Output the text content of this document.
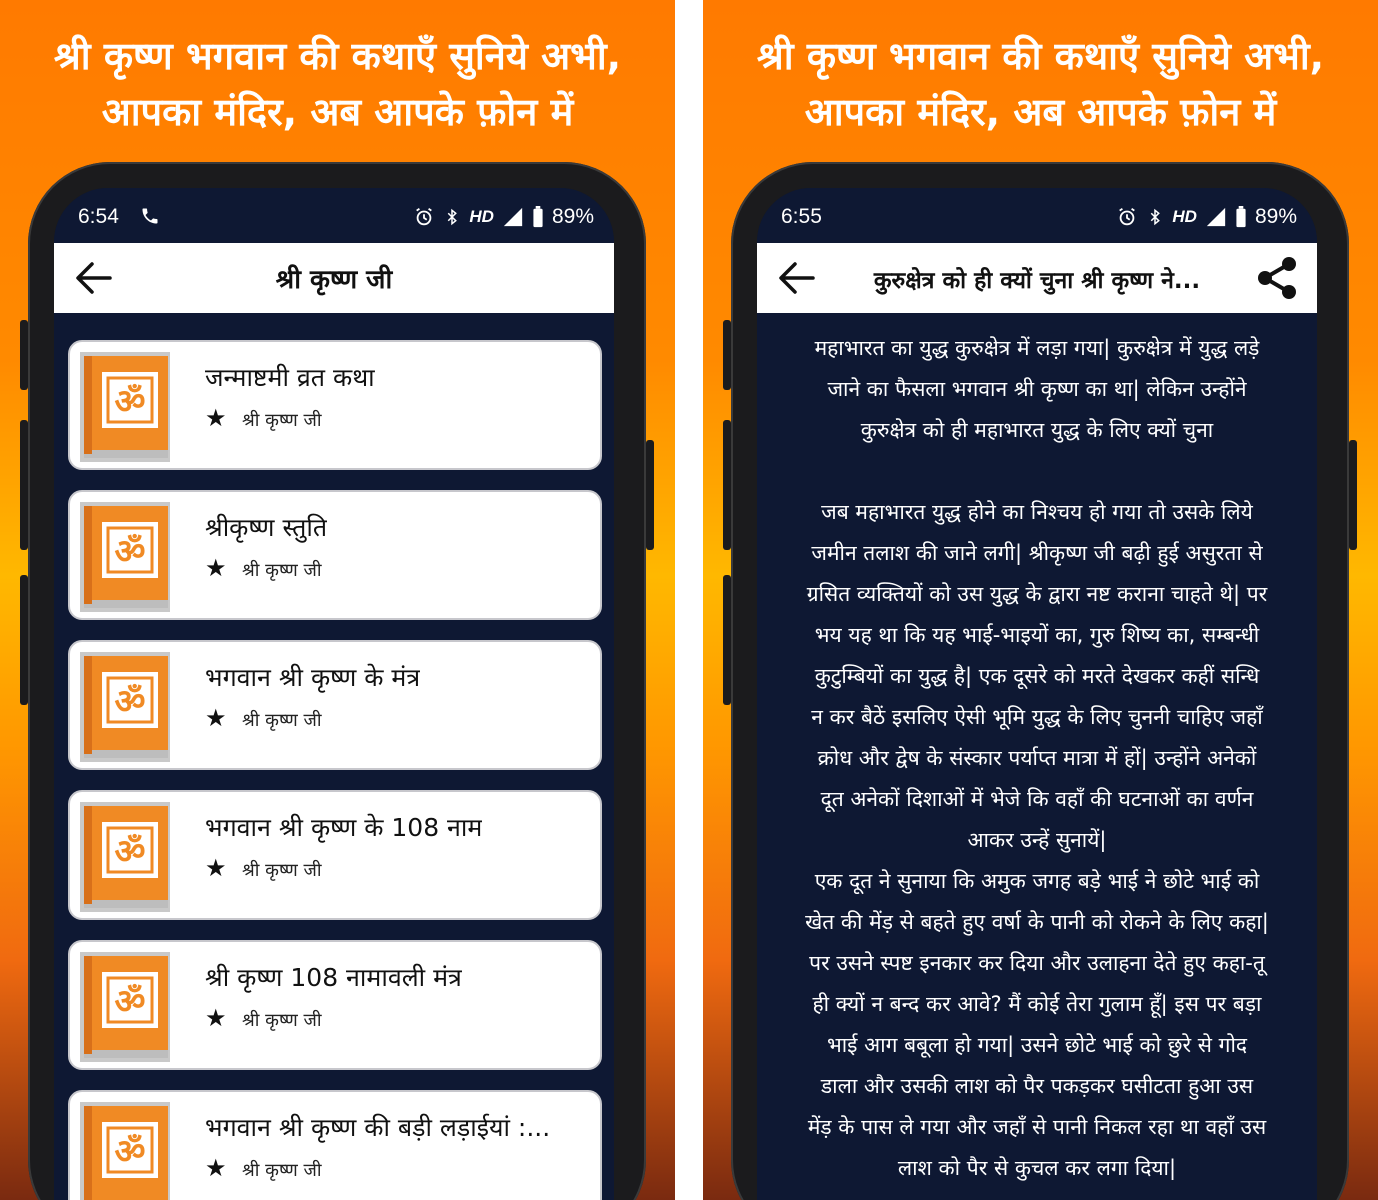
श्री कृष्ण भगवान की कथाएँ सुनिये अभी,
आपका मंदिर, अब आपके फ़ोन में
6:54	HD	89%
श्री कृष्ण जी
ॐ
जन्माष्टमी व्रत कथा
★ श्री कृष्ण जी
ॐ
श्रीकृष्ण स्तुति
★ श्री कृष्ण जी
ॐ
भगवान श्री कृष्ण के मंत्र
★ श्री कृष्ण जी
ॐ
भगवान श्री कृष्ण के 108 नाम
★ श्री कृष्ण जी
ॐ
श्री कृष्ण 108 नामावली मंत्र
★ श्री कृष्ण जी
ॐ
भगवान श्री कृष्ण की बड़ी लड़ाईयां :...
★ श्री कृष्ण जी
श्री कृष्ण भगवान की कथाएँ सुनिये अभी,
आपका मंदिर, अब आपके फ़ोन में
6:55	HD	89%
कुरुक्षेत्र को ही क्यों चुना श्री कृष्ण ने...

महाभारत का युद्ध कुरुक्षेत्र में लड़ा गया| कुरुक्षेत्र में युद्ध लड़े

जाने का फैसला भगवान श्री कृष्ण का था| लेकिन उन्होंने

कुरुक्षेत्र को ही महाभारत युद्ध के लिए क्यों चुना

जब महाभारत युद्ध होने का निश्चय हो गया तो उसके लिये

जमीन तलाश की जाने लगी| श्रीकृष्ण जी बढ़ी हुई असुरता से

ग्रसित व्यक्तियों को उस युद्ध के द्वारा नष्ट कराना चाहते थे| पर

भय यह था कि यह भाई-भाइयों का, गुरु शिष्य का, सम्बन्धी

कुटुम्बियों का युद्ध है| एक दूसरे को मरते देखकर कहीं सन्धि

न कर बैठें इसलिए ऐसी भूमि युद्ध के लिए चुननी चाहिए जहाँ

क्रोध और द्वेष के संस्कार पर्याप्त मात्रा में हों| उन्होंने अनेकों

दूत अनेकों दिशाओं में भेजे कि वहाँ की घटनाओं का वर्णन

आकर उन्हें सुनायें|

एक दूत ने सुनाया कि अमुक जगह बड़े भाई ने छोटे भाई को

खेत की मेंड़ से बहते हुए वर्षा के पानी को रोकने के लिए कहा|

पर उसने स्पष्ट इनकार कर दिया और उलाहना देते हुए कहा-तू

ही क्यों न बन्द कर आवे? मैं कोई तेरा गुलाम हूँ| इस पर बड़ा

भाई आग बबूला हो गया| उसने छोटे भाई को छुरे से गोद

डाला और उसकी लाश को पैर पकड़कर घसीटता हुआ उस

मेंड़ के पास ले गया और जहाँ से पानी निकल रहा था वहाँ उस

लाश को पैर से कुचल कर लगा दिया|
